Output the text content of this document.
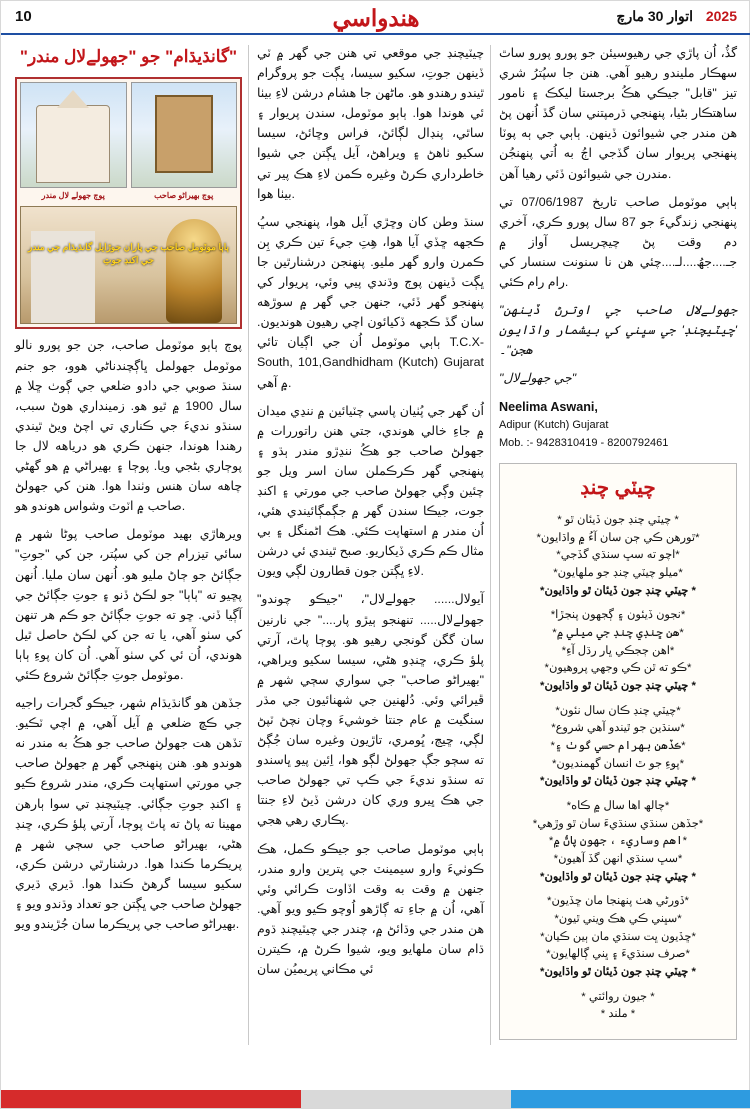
10	اتوار 30 مارچ
هندواسي	2025
"گانڌيڌام" جو "جھولےلال مندر"
پوڄ جھولے لال مندر	پوڄ بھیراڻو صاحب
ٻاٻا موٽومل صاحب جي پاران جوڙايل گانڌيڌام جي مندر جي اکنڊ جوتِ

پوڄ ٻاٻو موٽومل صاحب، جن جو پورو نالو موٽومل جھولمل ڀاڳچندناڻي هوو، جو جنم سنڌ صوبي جي دادو ضلعي جي ڳوٺ ڇلا ۾ سال 1900 ۾ ٿيو هو. زمينداري هوڻ سبب، سنڌو نديءَ جي ڪناري تي اچڻ ويڻ ٿيندي رهندا هوندا، جنهن ڪري هو درياهه لال جا پوڄاري بڻجي ويا. پوڄا ۽ بھيراڻي ۾ هو گھڻي چاهه سان هنس وٺندا هوا. هنن کي جھولڻ صاحب ۾ اٽوٽ وشواس هوندو هو.

ويرهاڙي بھيد موٽومل صاحب پوڻا شهر ۾ سائي تيزرام جن کي سپُتر، جن کي "جوتِ" جڳائڻ جو ڄاڻ مليو هو. اُنهن سان مليا. اُنهن پڇيو ته "ٻاٻا" جو لڪڻ ڏنو ۽ جوتِ جڳائڻ جي آڳيا ڏني. ڇو ته جوتِ جڳائڻ جو ڪم هر تنهن کي سٺو آهي، يا ته جن کي لڪڻ حاصل ٿيل هوندي، اُن ئي کي سٺو آهي. اُن کان پوءِ ٻاٻا موٽومل جوتِ جڳائڻ شروع ڪئي.

جڏهن هو گانڌيڌام شهر، جيڪو گجرات راجيه جي ڪڇ ضلعي ۾ آيل آهي، ۾ اچي ٽڪيو. تڏهن هت جھولڻ صاحب جو هڪُ به مندر نه هوندو هو. هنن پنهنجي گهر ۾ جھولڻ صاحب جي مورتي استھاپت ڪري، مندر شروع ڪيو ۽ اکنڊ جوتِ جڳائي. چيٽيچنڊ تي سوا ٻارهن مهينا ته پاڻ ته پاٿ پوڄا، آرتي پلؤ ڪري، ڇنڊ هڻي، بھيراڻو صاحب جي سڄي شهر ۾ پريڪرما ڪندا هوا. درشنارٿي درشن ڪري، سکيو سيسا گرهڻ ڪندا هوا. ڌيري ڌيري جھولڻ صاحب جي ڀڳتن جو تعداد وڌندو ويو ۽ بھيراڻو صاحب جي پريڪرما سان جُڙيندو ويو.

چيٽيچنڊ جي موقعي تي هنن جي گهر ۾ ٽي ڏينهن جوتِ، سکيو سيسا، ڀڳت جو پروگرام ٿيندو رهندو هو. ماڻھن جا هشام درشن لاءِ بيٺا ئي هوندا هوا. ٻاٻو موٽومل، سندن پريوار ۽ ساٿي، پنڊال لڳائڻ، فراس وڇائڻ، سيسا سکيو ٺاهڻ ۽ ويراهڻ، آيل ڀڳتن جي شيوا خاطرداري ڪرڻ وغيره ڪمن لاءِ هڪ پير تي بيٺا هوا.

سنڌ وطن کان وڇڙي آيل هوا، پنهنجي سڀُ ڪجھه ڇڏي آيا هوا، هِتِ جيءَ تين ڪري ٻِن ڪمرن وارو گهر مليو. پنهنجن درشنارٿين جا ڀڳت ڏينهن پوڄ وڌندي پيي وئي، پريوار کي پنهنجو گهر ڏئي، جنهن جي گهر ۾ سوڙهه سان گڏ ڪجھه ڏکيائون اچي رهيون هونديون. ٻاٻي موٽومل اُن جي اڳيان تائي T.C.X- South, 101,Gandhidham (Kutch) Gujarat ۾ آهي.

اُن گهر جي پُٺيان پاسي چٽيائين ۾ ننڍي ميدان ۾ جاءِ خالي هوندي، جتي هنن راتوررات ۾ جھولڻ صاحب جو هڪُ ننڍڙو مندر ٻڌو ۽ پنهنجي گهر ڪرڪملن سان اسر ويل جو چئين وڳي جھولڻ صاحب جي مورتي ۽ اکنڊ جوت، جيڪا سندن گهر ۾ جڳمڳائيندي هئي، اُن مندر ۾ استھاپت ڪئي. هڪ اڻمنگل ۽ بي مثال ڪم ڪري ڏيکاريو. صبح ٿيندي ئي درشن لاءِ ڀڳتن جون قطارون لڳي ويون.

"آيولال...... جھولےلال"، "جيڪو چوندو جھولےلال..... تنهنجو ٻيڙو پار...." جي نارنين سان گگن گونجي رهيو هو. پوڄا پاٿ، آرتي پلؤ ڪري، ڇنڊو هڻي، سيسا سکيو ويراهي، "بھيراڻو صاحب" جي سواري سڄي شهر ۾ ڦيرائي وئي. دُلهنين جي شهنائيون جي مڌر سنگيت ۾ عام جنتا خوشيءَ وچان نچڻ ٽپڻ لڳي، ڇيڄ، ڀُومري، تاڙيون وغيره سان جُڳڻ ته سڄو جڳ جھولڻ لڳو هوا، اِئين پيو ڀاسندو ته سنڌو نديءَ جي ڪپ تي جھولڻ صاحب جي هڪ ڀيرو وري کان درشن ڏيڻ لاءِ جنتا پڪاري رهي هجي.

ٻاٻي موٽومل صاحب جو جيڪو ڪمل، هڪ ڪوٺيءَ وارو سيمينٽ جي پترين وارو مندر، جنهن ۾ وقت به وقت اڏاوت ڪرائي وئي آهي، اُن ۾ جاءِ ته ڳاڙهو اُوچو ڪيو ويو آهي. هن مندر جي وڌائڻ ۾، چندر جي چيٽيچنڊ ڌوم ڌام سان ملهايو ويو، شيوا ڪرڻ ۾، ڪيترن ئي مڪاني پريميُن سان

گڏُ، اُن پاڙي جي رهيوسيئن جو پورو پورو ساٿ سھڪار مليندو رهيو آهي. هنن جا سپُترُ شري تيز "قابل" جيڪي هڪُ برجستا ليکڪ ۽ نامور ساهتڪار بڻيا، پنهنجي ڌرمپتني سان گڏ اُنهن پڻ هن مندر جي شيوائون ڏينهن. ٻاٻي جي ٻه پوٽا پنهنجي پريوار سان گڏجي اڄُ به اُتي پنهنجُن مندرن جي شيوائون ڏئي رهيا آهن.

ٻاٻي موٽومل صاحب تاريخ 07/06/1987 تي پنهنجي زندگيءَ جو 87 سال پورو ڪري، آخري دم وقت پڻ چيچريسل آواز ۾ جـ....جھُ....لـ....چئي هن نا سنونت سنسار کي رام رام ڪئي.

"جھولےلال صاحب جي اوترڻ ڏينهن 'چيٽيچنڊ' جي سڀني کي بيشمار واڌايون هجن"۔

"جي جھولےلال"

Neelima Aswani,
Adipur (Kutch) Gujarat
Mob. :- 9428310419 - 8200792461
چيٽي چنڊ
* چيٽي چنڊ جون ڏيئان ٿو *
*ٿورهن ڪي ڄن سان آءُ ۾ واڌايون*
*اچو ته سڀ سنڌي گڏجي*
*ميلو چيٽي چنڊ جو ملهايون*
*چيٽي چنڊ جون ڏيئان ٿو واڌايون *
*نجون ڏيئون ۽ ڳجھون پنجڙا*
*هن ڇنڊي چنڊ جي ميلي ۾*
*اهن ڄجڪي ڀار رڌل آءِ*
*ڪو ته ٿن ڪي وجھي پروهيون*
*چيٽي چنڊ جون ڏيئان ٿو واڌايون *
*چيٽي چنڊ ڪان سال نئون*
*سنڌين جو ٿيندو آهي شروع*
*ڪڏهن بھرام حسي گوٺ ۽*
*پوءِ جو ٿ انسان گھمنديون*
*چيٽي چنڊ جون ڏيئان ٿو واڌايون *
*چالھ اها سال ۾ ڪاه*
*جڏهن سنڌي سنڌيءَ سان ٿو وڙهي*
*اهم وساريء ، جهون پاڻُ ۾*
*سڀ سنڌي انهن گڏ آهيون*
*چيٽي چنڊ جون ڏيئان ٿو واڌايون *
*ڏورڻي هٺ پنهنجا مان ڇڏيون*
*سڀني ڪي هڪ ويني ٿيون*
*ڇڏيون ڀت سنڌي مان ٻين ڪيان*
*صرف سنڌيءَ ۽ ڀني ڳالھايون*
*چيٽي چنڊ جون ڏيئان ٿو واڌايون *
* جيون روائتي *
* ملند *
